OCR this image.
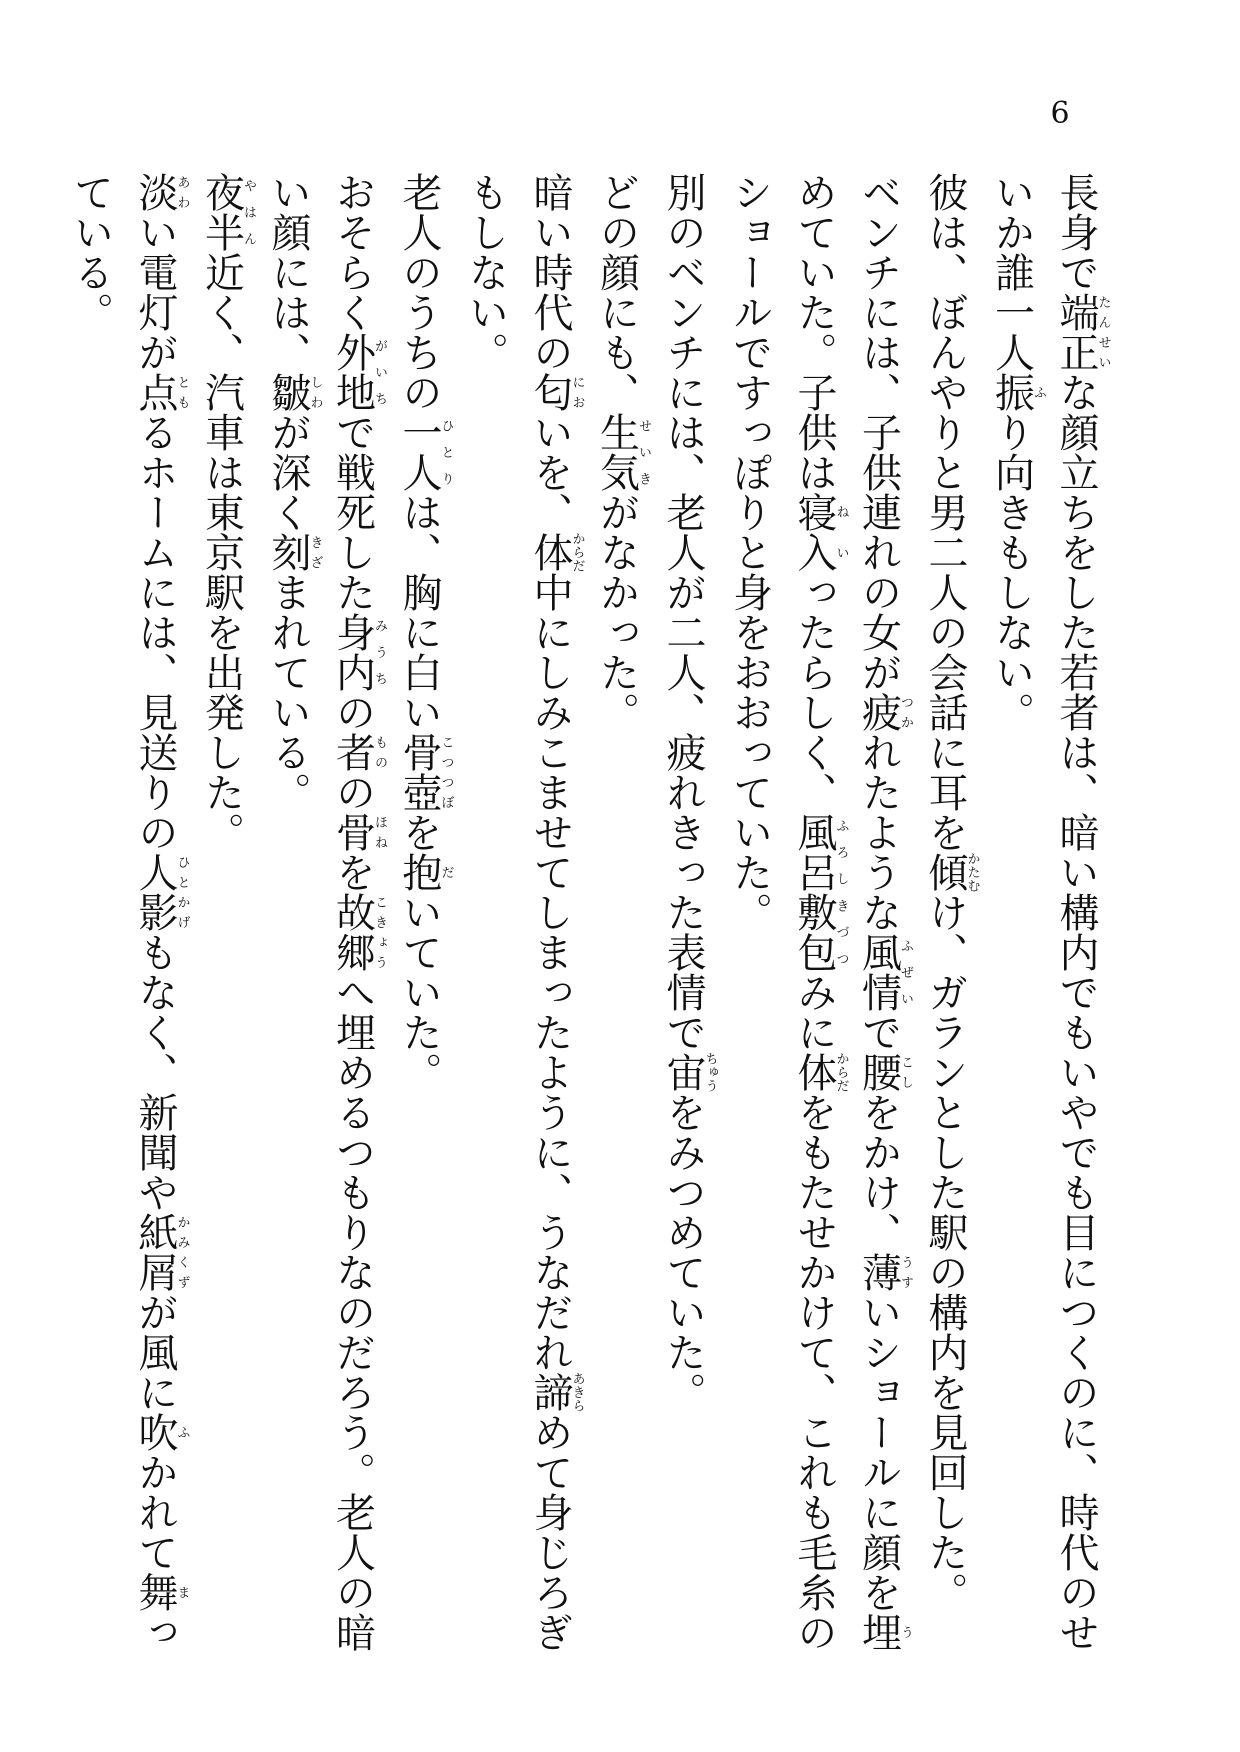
6

長身で端正たんせいな顔立ちをした若者は、暗い構内でもいやでも目につくのに、時代のせいか誰一人振ふり向きもしない。

彼は、ぼんやりと男二人の会話に耳を傾かたむけ、ガランとした駅の構内を見回した。

ベンチには、子供連れの女が疲つかれたような風情ふぜいで腰こしをかけ、薄うすいショールに顔を埋うめていた。子供は寝入ねいったらしく、風呂敷包ふろしきづつみに体からだをもたせかけて、これも毛糸のショールですっぽりと身をおおっていた。

別のベンチには、老人が二人、疲れきった表情で宙ちゅうをみつめていた。

どの顔にも、生気せいきがなかった。

暗い時代の匂においを、体からだ中にしみこませてしまったように、うなだれ諦あきらめて身じろぎもしない。

老人のうちの一人ひとりは、胸に白い骨壺こつつぼを抱だいていた。

おそらく外地がいちで戦死した身内みうちの者ものの骨ほねを故郷こきょうへ埋めるつもりなのだろう。老人の暗い顔には、皺しわが深く刻きざまれている。

夜半やはん近く、汽車は東京駅を出発した。

淡あわい電灯が点ともるホームには、見送りの人影ひとかげもなく、新聞や紙屑かみくずが風に吹ふかれて舞まっている。
